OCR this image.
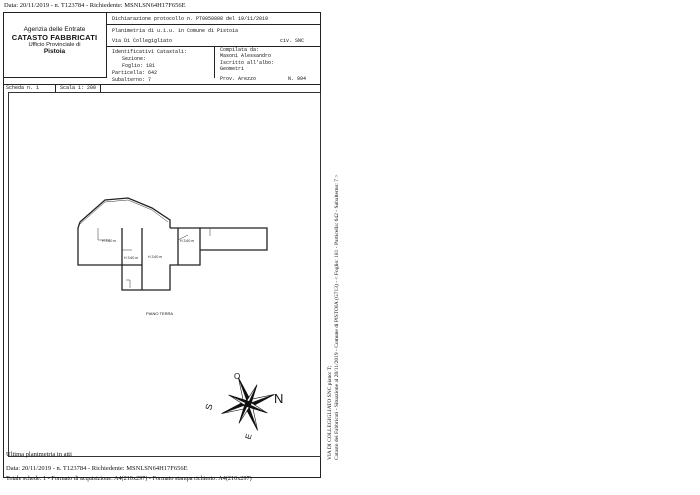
Data: 20/11/2019 - n. T123784 - Richiedente: MSNLSN64H17F656E
Agenzia delle Entrate
CATASTO FABBRICATI
Ufficio Provinciale di
Pistoia
Dichiarazione protocollo n. PT0050808 del 19/11/2019
Planimetria di u.i.u. in Comune di Pistoia
Via Di Collegigliato	civ. SNC
Identificativi Catastali:
Sezione:
Foglio: 181
Particella: 642
Subalterno: 7
Compilata da:
Masoni Alessandro
Iscritto all'albo:
Geometri
Prov. Arezzo	N. 994
Scheda n. 1	Scala 1: 200
H 3.60 m
H 3.60 m
H 3.60 m
H 3.60 m
PIANO TERRA
N
S
E
O
Ultima planimetria in atti
Data: 20/11/2019 - n. T123784 - Richiedente: MSNLSN64H17F656E
Totale schede: 1 - Formato di acquisizione: A4(210x297) - Formato stampa richiesto: A4(210x297)
Catasto dei Fabbricati - Situazione al 20/11/2019 - Comune di PISTOIA (G713) - < Foglio: 181 - Particella: 642 - Subalterno: 7 >
VIA DI COLLEGIGLIATO SNC piano: T;
